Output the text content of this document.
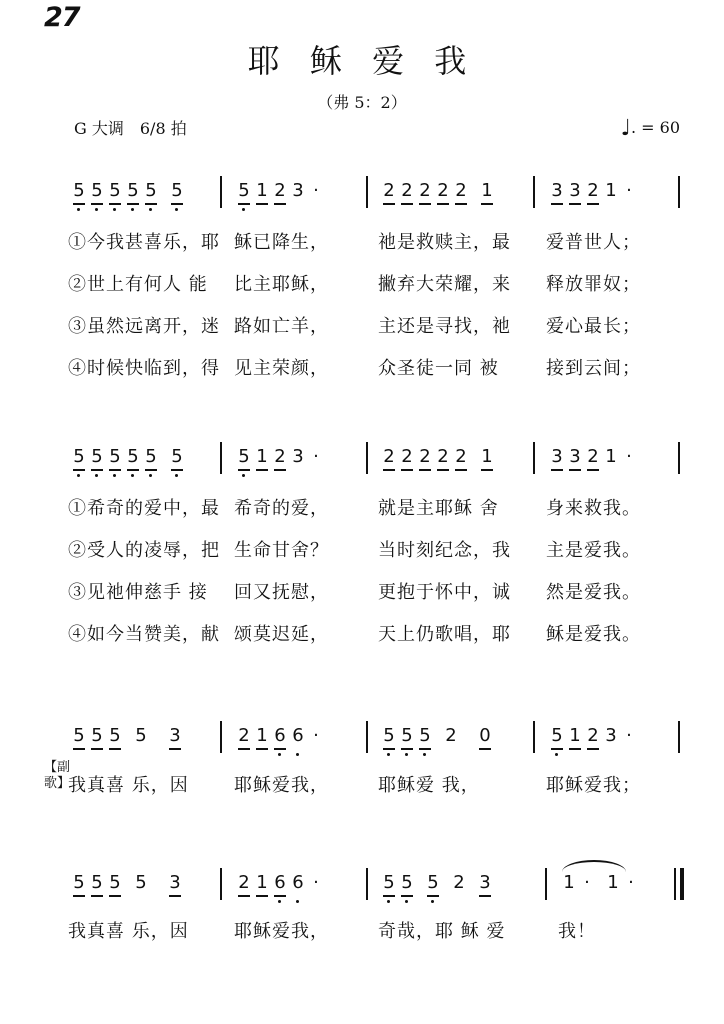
27
耶 稣 爱 我
（弗 5：2）
G 大调　6/8 拍	♩. = 60
5 5 5 5 5 5	5 1 2 3 ·	2 2 2 2 2 1	3 3 2 1 ·
①今我甚喜乐，耶 稣已降生，	祂是救赎主，最 爱普世人；
②世上有何人 能 比主耶稣，	撇弃大荣耀，来 释放罪奴；
③虽然远离开，迷 路如亡羊，	主还是寻找，祂 爱心最长；
④时候快临到，得 见主荣颜，	众圣徒一同 被	接到云间；
5 5 5 5 5 5	5 1 2 3 ·	2 2 2 2 2 1	3 3 2 1 ·
①希奇的爱中，最 希奇的爱，	就是主耶稣 舍	身来救我。
②受人的凌辱，把 生命甘舍？	当时刻纪念，我 主是爱我。
③见祂伸慈手 接 回又抚慰，	更抱于怀中，诚 然是爱我。
④如今当赞美，献 颂莫迟延，	天上仍歌唱，耶 稣是爱我。
5 5 5 5 3	2 1 6 6 ·	5 5 5 2 0	5 1 2 3 ·
【副歌】
我真喜 乐，因	耶稣爱我，	耶稣爱 我，	耶稣爱我；
5 5 5 5 3	2 1 6 6 ·	5 5 5 2 3	1 · 1 ·
我真喜 乐，因	耶稣爱我，	奇哉，耶 稣 爱	我！
